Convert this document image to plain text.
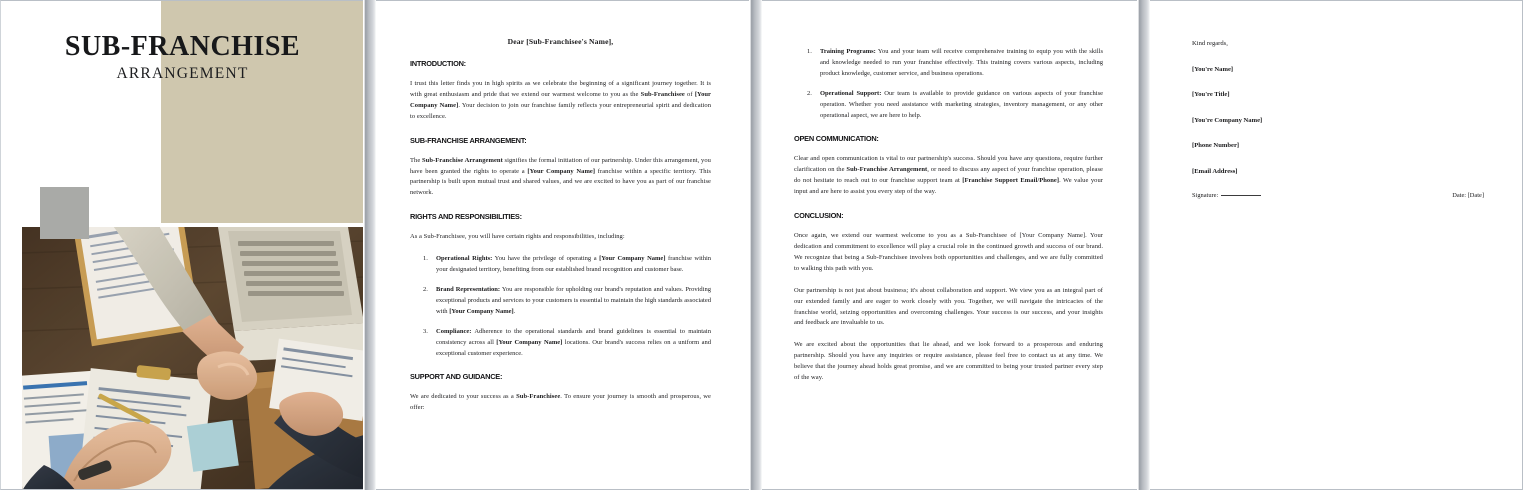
SUB-FRANCHISE
ARRANGEMENT
Dear [Sub-Franchisee's Name],
INTRODUCTION:

I trust this letter finds you in high spirits as we celebrate the beginning of a significant journey together. It is with great enthusiasm and pride that we extend our warmest welcome to you as the Sub-Franchisee of [Your Company Name]. Your decision to join our franchise family reflects your entrepreneurial spirit and dedication to excellence.

SUB-FRANCHISE ARRANGEMENT:

The Sub-Franchise Arrangement signifies the formal initiation of our partnership. Under this arrangement, you have been granted the rights to operate a [Your Company Name] franchise within a specific territory. This partnership is built upon mutual trust and shared values, and we are excited to have you as part of our franchise network.

RIGHTS AND RESPONSIBILITIES:

As a Sub-Franchisee, you will have certain rights and responsibilities, including:

Operational Rights: You have the privilege of operating a [Your Company Name] franchise within your designated territory, benefiting from our established brand recognition and customer base.
Brand Representation: You are responsible for upholding our brand's reputation and values. Providing exceptional products and services to your customers is essential to maintain the high standards associated with [Your Company Name].
Compliance: Adherence to the operational standards and brand guidelines is essential to maintain consistency across all [Your Company Name] locations. Our brand's success relies on a uniform and exceptional customer experience.
SUPPORT AND GUIDANCE:

We are dedicated to your success as a Sub-Franchisee. To ensure your journey is smooth and prosperous, we offer:

Training Programs: You and your team will receive comprehensive training to equip you with the skills and knowledge needed to run your franchise effectively. This training covers various aspects, including product knowledge, customer service, and business operations.
Operational Support: Our team is available to provide guidance on various aspects of your franchise operation. Whether you need assistance with marketing strategies, inventory management, or any other operational aspect, we are here to help.
OPEN COMMUNICATION:

Clear and open communication is vital to our partnership's success. Should you have any questions, require further clarification on the Sub-Franchise Arrangement, or need to discuss any aspect of your franchise operation, please do not hesitate to reach out to our franchise support team at [Franchise Support Email/Phone]. We value your input and are here to assist you every step of the way.

CONCLUSION:

Once again, we extend our warmest welcome to you as a Sub-Franchisee of [Your Company Name]. Your dedication and commitment to excellence will play a crucial role in the continued growth and success of our brand. We recognize that being a Sub-Franchisee involves both opportunities and challenges, and we are fully committed to walking this path with you.

Our partnership is not just about business; it's about collaboration and support. We view you as an integral part of our extended family and are eager to work closely with you. Together, we will navigate the intricacies of the franchise world, seizing opportunities and overcoming challenges. Your success is our success, and your insights and feedback are invaluable to us.

We are excited about the opportunities that lie ahead, and we look forward to a prosperous and enduring partnership. Should you have any inquiries or require assistance, please feel free to contact us at any time. We believe that the journey ahead holds great promise, and we are committed to being your trusted partner every step of the way.

Kind regards,
[You're Name]
[You're Title]
[You're Company Name]
[Phone Number]
[Email Address]
Signature:	Date: [Date]
